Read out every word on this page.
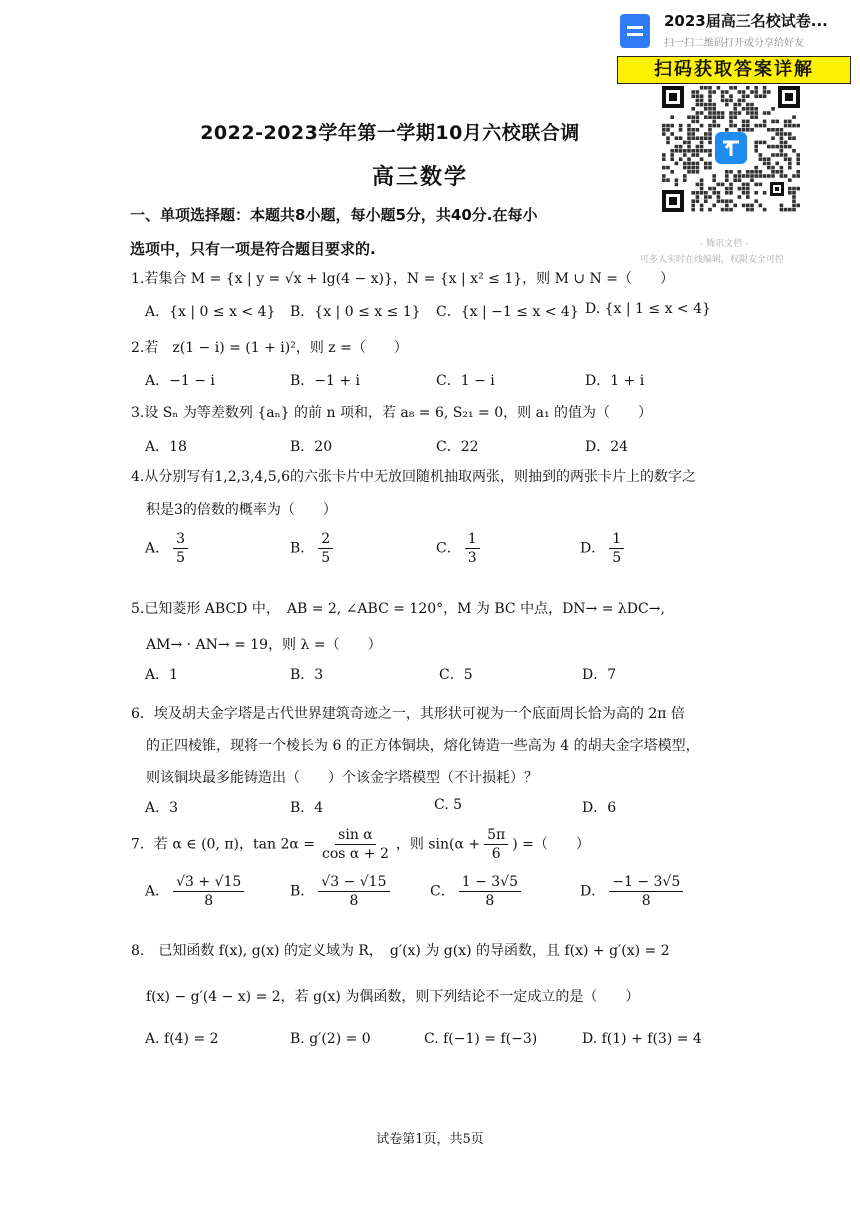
2023届高三名校试卷...
扫一扫二维码打开或分享给好友
扫码获取答案详解
- 腾讯文档 -
可多人实时在线编辑，权限安全可控
2022-2023学年第一学期10月六校联合调
高三数学
一、单项选择题：本题共8小题，每小题5分，共40分.在每小
选项中，只有一项是符合题目要求的.
1.若集合 M = {x | y = √x + lg(4 − x)}，N = {x | x² ≤ 1}，则 M ∪ N =（　　）
A．{x | 0 ≤ x < 4} B．{x | 0 ≤ x ≤ 1} C．{x | −1 ≤ x < 4} D. {x | 1 ≤ x < 4}
2.若　z(1 − i) = (1 + i)²，则 z =（　　）
A．−1 − i	B．−1 + i	C．1 − i	D．1 + i
3.设 Sₙ 为等差数列 {aₙ} 的前 n 项和，若 a₈ = 6, S₂₁ = 0，则 a₁ 的值为（　　）
A．18	B．20	C．22	D．24
4.从分别写有1,2,3,4,5,6的六张卡片中无放回随机抽取两张，则抽到的两张卡片上的数字之
积是3的倍数的概率为（　　）
A． $\frac{3}{5}$	B． $\frac{2}{5}$	C． $\frac{1}{3}$	D． $\frac{1}{5}$
5.已知菱形 ABCD 中，　AB = 2, ∠ABC = 120°，M 为 BC 中点，DN→ = λDC→,
AM→ · AN→ = 19，则 λ =（　　）
A．1	B．3	C．5	D．7
6．埃及胡夫金字塔是古代世界建筑奇迹之一，其形状可视为一个底面周长恰为高的 2π 倍
的正四棱锥，现将一个棱长为 6 的正方体铜块，熔化铸造一些高为 4 的胡夫金字塔模型，
则该铜块最多能铸造出（　　）个该金字塔模型（不计损耗）？
A．3	B．4	C. 5	D．6
7．若 α ∈ (0, π)，$\tan 2\alpha = \frac{\text{sin α}}{\text{cos α + 2}}$ ，则 $\sin(\alpha + \frac{5\pi}{6}$ ) =（　　）
A． $\frac{√3 + √15}{8}$	B． $\frac{√3 - √15}{8}$	C． $\frac{1 - 3√5}{8}$	D． $\frac{-1 - 3√5}{8}$
8.　已知函数 f(x), g(x) 的定义域为 R，　g′(x) 为 g(x) 的导函数，且 f(x) + g′(x) = 2
f(x) − g′(4 − x) = 2，若 g(x) 为偶函数，则下列结论不一定成立的是（　　）
A. f(4) = 2	B. g′(2) = 0	C. f(−1) = f(−3)	D. f(1) + f(3) = 4
试卷第1页，共5页
